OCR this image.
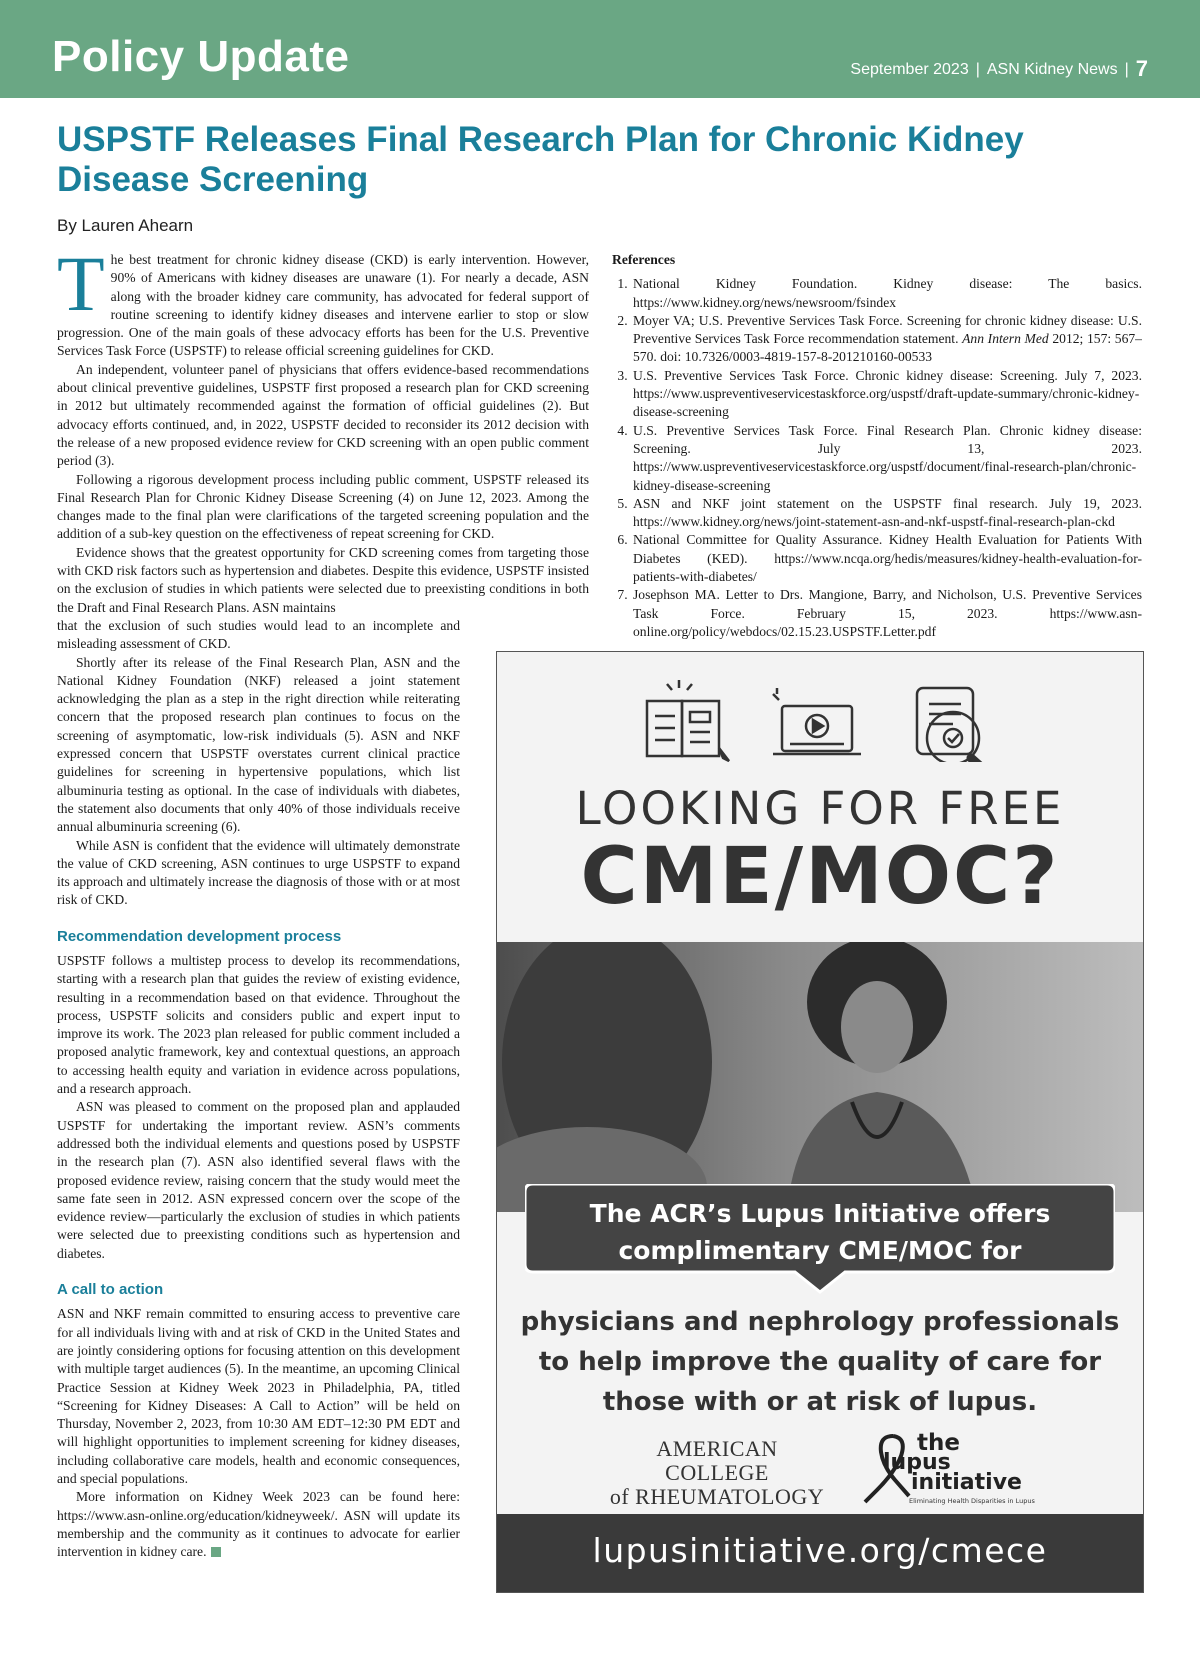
Policy Update	September 2023 | ASN Kidney News | 7
USPSTF Releases Final Research Plan for Chronic Kidney Disease Screening
By Lauren Ahearn

The best treatment for chronic kidney disease (CKD) is early intervention. However, 90% of Americans with kidney diseases are unaware (1). For nearly a decade, ASN along with the broader kidney care community, has advocated for federal support of routine screening to identify kidney diseases and intervene earlier to stop or slow progression. One of the main goals of these advocacy efforts has been for the U.S. Preventive Services Task Force (USPSTF) to release official screening guidelines for CKD.

An independent, volunteer panel of physicians that offers evidence-based recommendations about clinical preventive guidelines, USPSTF first proposed a research plan for CKD screening in 2012 but ultimately recommended against the formation of official guidelines (2). But advocacy efforts continued, and, in 2022, USPSTF decided to reconsider its 2012 decision with the release of a new proposed evidence review for CKD screening with an open public comment period (3).

Following a rigorous development process including public comment, USPSTF released its Final Research Plan for Chronic Kidney Disease Screening (4) on June 12, 2023. Among the changes made to the final plan were clarifications of the targeted screening population and the addition of a sub-key question on the effectiveness of repeat screening for CKD.

Evidence shows that the greatest opportunity for CKD screening comes from targeting those with CKD risk factors such as hypertension and diabetes. Despite this evidence, USPSTF insisted on the exclusion of studies in which patients were selected due to preexisting conditions in both the Draft and Final Research Plans. ASN maintains

that the exclusion of such studies would lead to an incomplete and misleading assessment of CKD.

Shortly after its release of the Final Research Plan, ASN and the National Kidney Foundation (NKF) released a joint statement acknowledging the plan as a step in the right direction while reiterating concern that the proposed research plan continues to focus on the screening of asymptomatic, low-risk individuals (5). ASN and NKF expressed concern that USPSTF overstates current clinical practice guidelines for screening in hypertensive populations, which list albuminuria testing as optional. In the case of individuals with diabetes, the statement also documents that only 40% of those individuals receive annual albuminuria screening (6).

While ASN is confident that the evidence will ultimately demonstrate the value of CKD screening, ASN continues to urge USPSTF to expand its approach and ultimately increase the diagnosis of those with or at most risk of CKD.

Recommendation development process

USPSTF follows a multistep process to develop its recommendations, starting with a research plan that guides the review of existing evidence, resulting in a recommendation based on that evidence. Throughout the process, USPSTF solicits and considers public and expert input to improve its work. The 2023 plan released for public comment included a proposed analytic framework, key and contextual questions, an approach to accessing health equity and variation in evidence across populations, and a research approach.

ASN was pleased to comment on the proposed plan and applauded USPSTF for undertaking the important review. ASN’s comments addressed both the individual elements and questions posed by USPSTF in the research plan (7). ASN also identified several flaws with the proposed evidence review, raising concern that the study would meet the same fate seen in 2012. ASN expressed concern over the scope of the evidence review—particularly the exclusion of studies in which patients were selected due to preexisting conditions such as hypertension and diabetes.

A call to action

ASN and NKF remain committed to ensuring access to preventive care for all individuals living with and at risk of CKD in the United States and are jointly considering options for focusing attention on this development with multiple target audiences (5). In the meantime, an upcoming Clinical Practice Session at Kidney Week 2023 in Philadelphia, PA, titled “Screening for Kidney Diseases: A Call to Action” will be held on Thursday, November 2, 2023, from 10:30 AM EDT–12:30 PM EDT and will highlight opportunities to implement screening for kidney diseases, including collaborative care models, health and economic consequences, and special populations.

More information on Kidney Week 2023 can be found here: https://www.asn-online.org/education/kidneyweek/. ASN will update its membership and the community as it continues to advocate for earlier intervention in kidney care.

References
1. National Kidney Foundation. Kidney disease: The basics. https://www.kidney.org/news/newsroom/fsindex
2. Moyer VA; U.S. Preventive Services Task Force. Screening for chronic kidney disease: U.S. Preventive Services Task Force recommendation statement. Ann Intern Med 2012; 157: 567–570. doi: 10.7326/0003-4819-157-8-201210160-00533
3. U.S. Preventive Services Task Force. Chronic kidney disease: Screening. July 7, 2023. https://www.uspreventiveservicestaskforce.org/uspstf/draft-update-summary/chronic-kidney-disease-screening
4. U.S. Preventive Services Task Force. Final Research Plan. Chronic kidney disease: Screening. July 13, 2023. https://www.uspreventiveservicestaskforce.org/uspstf/document/final-research-plan/chronic-kidney-disease-screening
5. ASN and NKF joint statement on the USPSTF final research. July 19, 2023. https://www.kidney.org/news/joint-statement-asn-and-nkf-uspstf-final-research-plan-ckd
6. National Committee for Quality Assurance. Kidney Health Evaluation for Patients With Diabetes (KED). https://www.ncqa.org/hedis/measures/kidney-health-evaluation-for-patients-with-diabetes/
7. Josephson MA. Letter to Drs. Mangione, Barry, and Nicholson, U.S. Preventive Services Task Force. February 15, 2023. https://www.asn-online.org/policy/webdocs/02.15.23.USPSTF.Letter.pdf
LOOKING FOR FREE
CME/MOC?
The ACR’s Lupus Initiative offers
complimentary CME/MOC for
physicians and nephrology professionals
to help improve the quality of care for
those with or at risk of lupus.
AMERICAN COLLEGE
of RHEUMATOLOGY
the
lupus
initiative
Eliminating Health Disparities in Lupus
lupusinitiative.org/cmece
